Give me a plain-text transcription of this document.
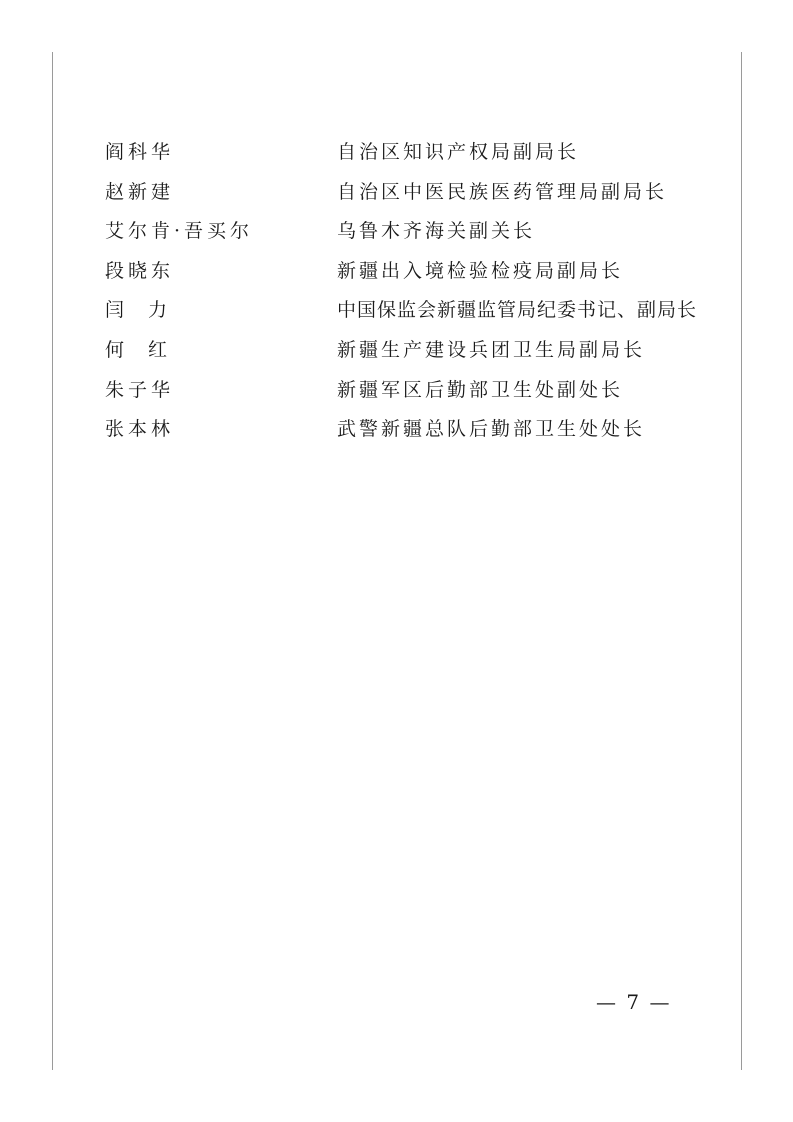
阎科华	自治区知识产权局副局长
赵新建	自治区中医民族医药管理局副局长
艾尔肯·吾买尔	乌鲁木齐海关副关长
段晓东	新疆出入境检验检疫局副局长
闫力	中国保监会新疆监管局纪委书记、副局长
何红	新疆生产建设兵团卫生局副局长
朱子华	新疆军区后勤部卫生处副处长
张本林	武警新疆总队后勤部卫生处处长
— 7 —
